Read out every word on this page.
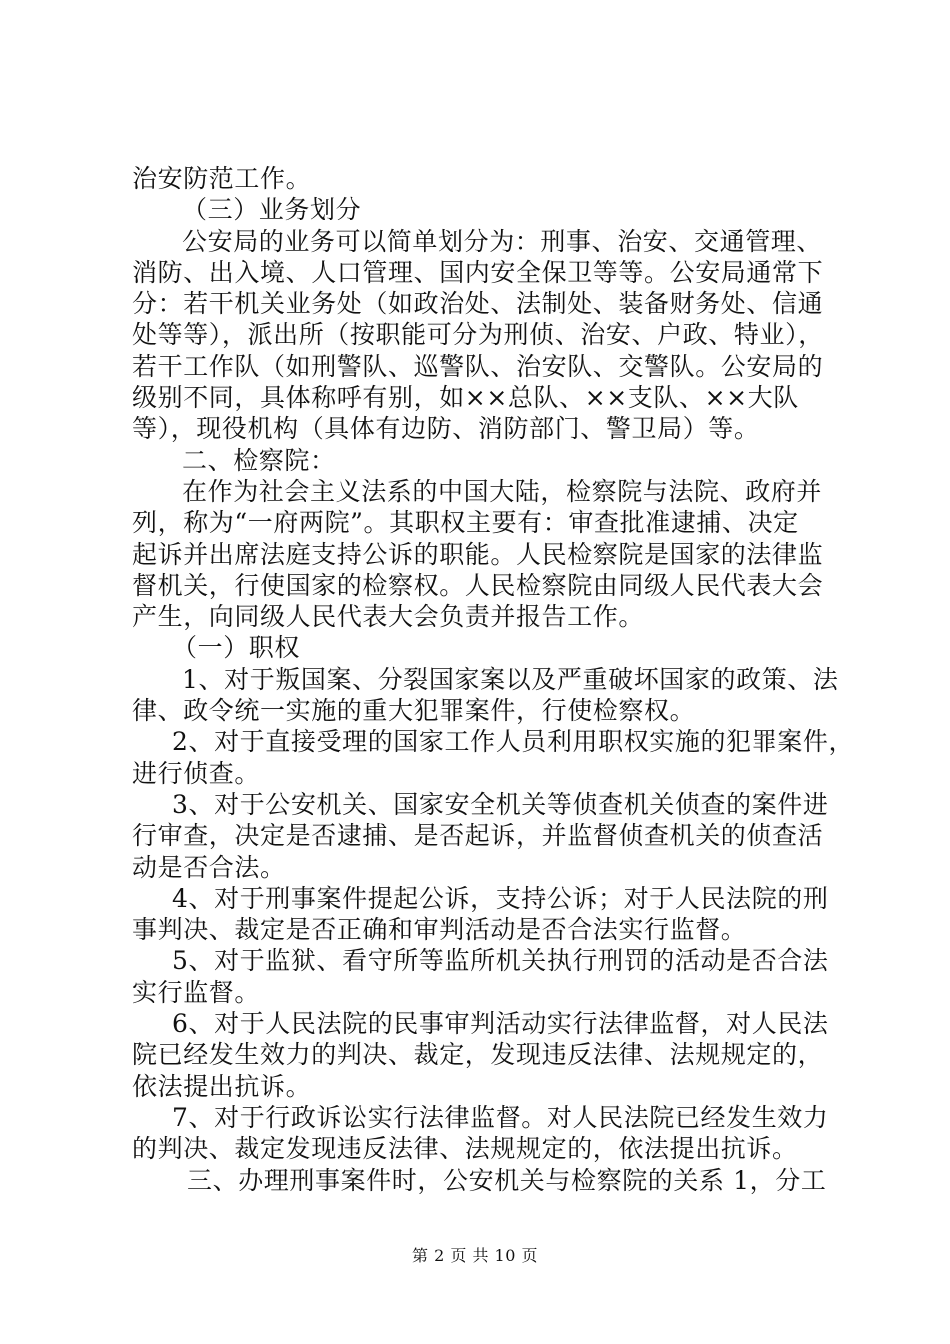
治安防范工作。
（三）业务划分
公安局的业务可以简单划分为：刑事、治安、交通管理、
消防、出入境、人口管理、国内安全保卫等等。公安局通常下
分：若干机关业务处（如政治处、法制处、装备财务处、信通
处等等），派出所（按职能可分为刑侦、治安、户政、特业），
若干工作队（如刑警队、巡警队、治安队、交警队。公安局的
级别不同，具体称呼有别，如××总队、××支队、××大队
等），现役机构（具体有边防、消防部门、警卫局）等。
二、检察院：
在作为社会主义法系的中国大陆，检察院与法院、政府并
列，称为“一府两院”。其职权主要有：审查批准逮捕、决定
起诉并出席法庭支持公诉的职能。人民检察院是国家的法律监
督机关，行使国家的检察权。人民检察院由同级人民代表大会
产生，向同级人民代表大会负责并报告工作。
（一）职权
1、对于叛国案、分裂国家案以及严重破坏国家的政策、法
律、政令统一实施的重大犯罪案件，行使检察权。
2、对于直接受理的国家工作人员利用职权实施的犯罪案件，
进行侦查。
3、对于公安机关、国家安全机关等侦查机关侦查的案件进
行审查，决定是否逮捕、是否起诉，并监督侦查机关的侦查活
动是否合法。
4、对于刑事案件提起公诉，支持公诉；对于人民法院的刑
事判决、裁定是否正确和审判活动是否合法实行监督。
5、对于监狱、看守所等监所机关执行刑罚的活动是否合法
实行监督。
6、对于人民法院的民事审判活动实行法律监督，对人民法
院已经发生效力的判决、裁定，发现违反法律、法规规定的，
依法提出抗诉。
7、对于行政诉讼实行法律监督。对人民法院已经发生效力
的判决、裁定发现违反法律、法规规定的，依法提出抗诉。
三、办理刑事案件时，公安机关与检察院的关系 1，分工
第 2 页 共 10 页
